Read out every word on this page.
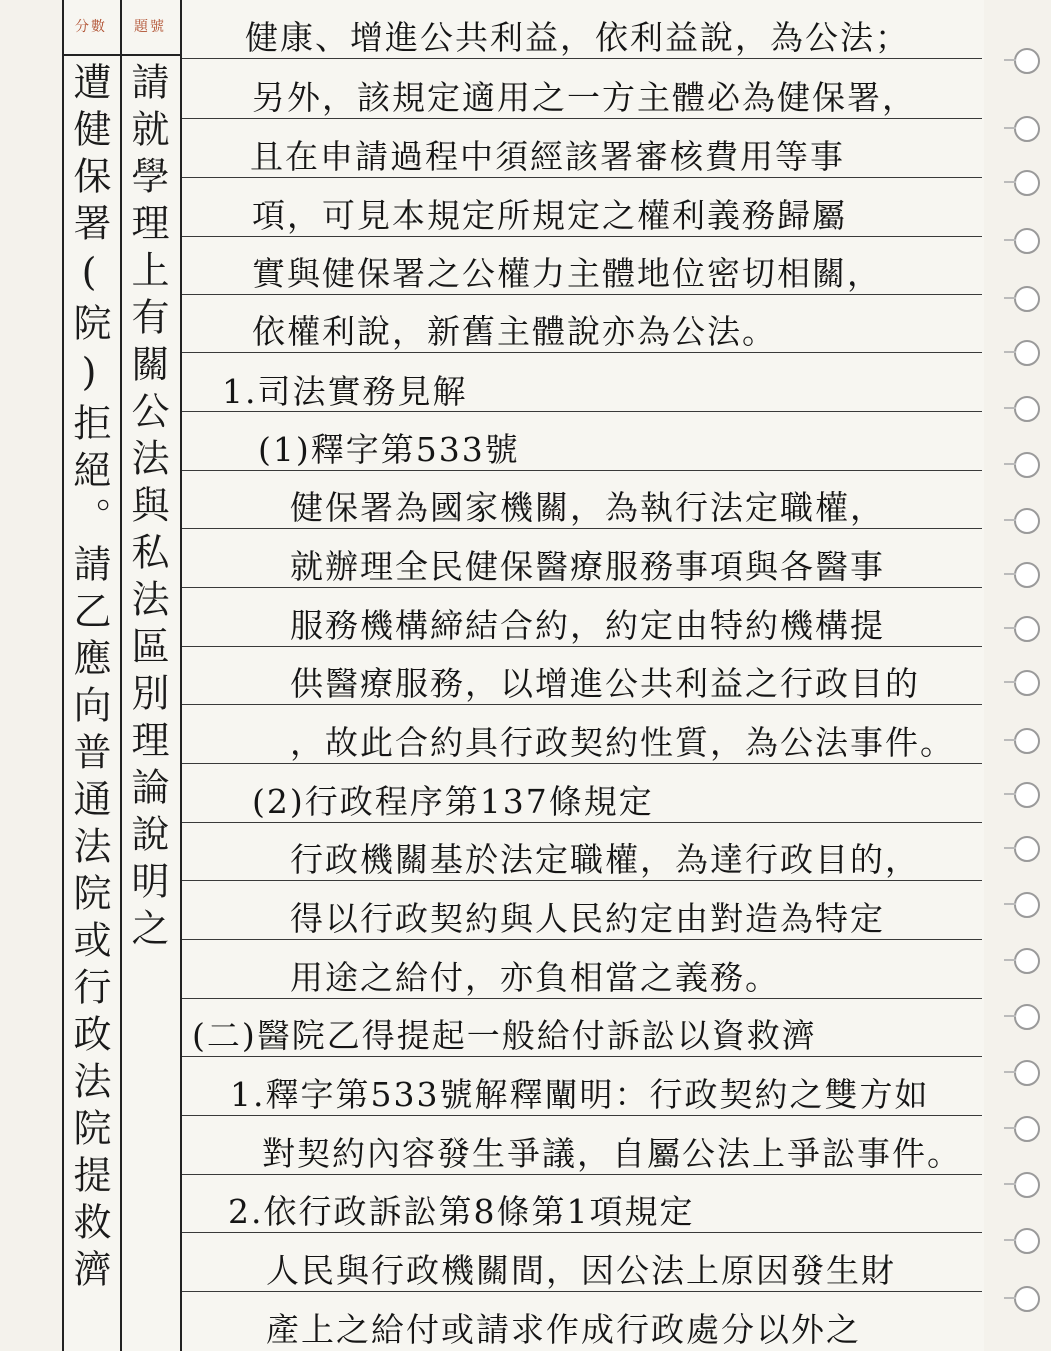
分數 題號
遭健保署(院)拒絕。請乙應向普通法院或行政法院提救濟 請就學理上有關公法與私法區別理論說明之
健康、增進公共利益，依利益說，為公法；
另外，該規定適用之一方主體必為健保署，
且在申請過程中須經該署審核費用等事
項，可見本規定所規定之權利義務歸屬
實與健保署之公權力主體地位密切相關，
依權利說，新舊主體說亦為公法。
1.司法實務見解
(1)釋字第533號
健保署為國家機關，為執行法定職權，
就辦理全民健保醫療服務事項與各醫事
服務機構締結合約，約定由特約機構提
供醫療服務，以增進公共利益之行政目的
，故此合約具行政契約性質，為公法事件。
(2)行政程序第137條規定
行政機關基於法定職權，為達行政目的，
得以行政契約與人民約定由對造為特定
用途之給付，亦負相當之義務。
(二)醫院乙得提起一般給付訴訟以資救濟
1.釋字第533號解釋闡明：行政契約之雙方如
對契約內容發生爭議，自屬公法上爭訟事件。
2.依行政訴訟第8條第1項規定
人民與行政機關間，因公法上原因發生財
產上之給付或請求作成行政處分以外之
